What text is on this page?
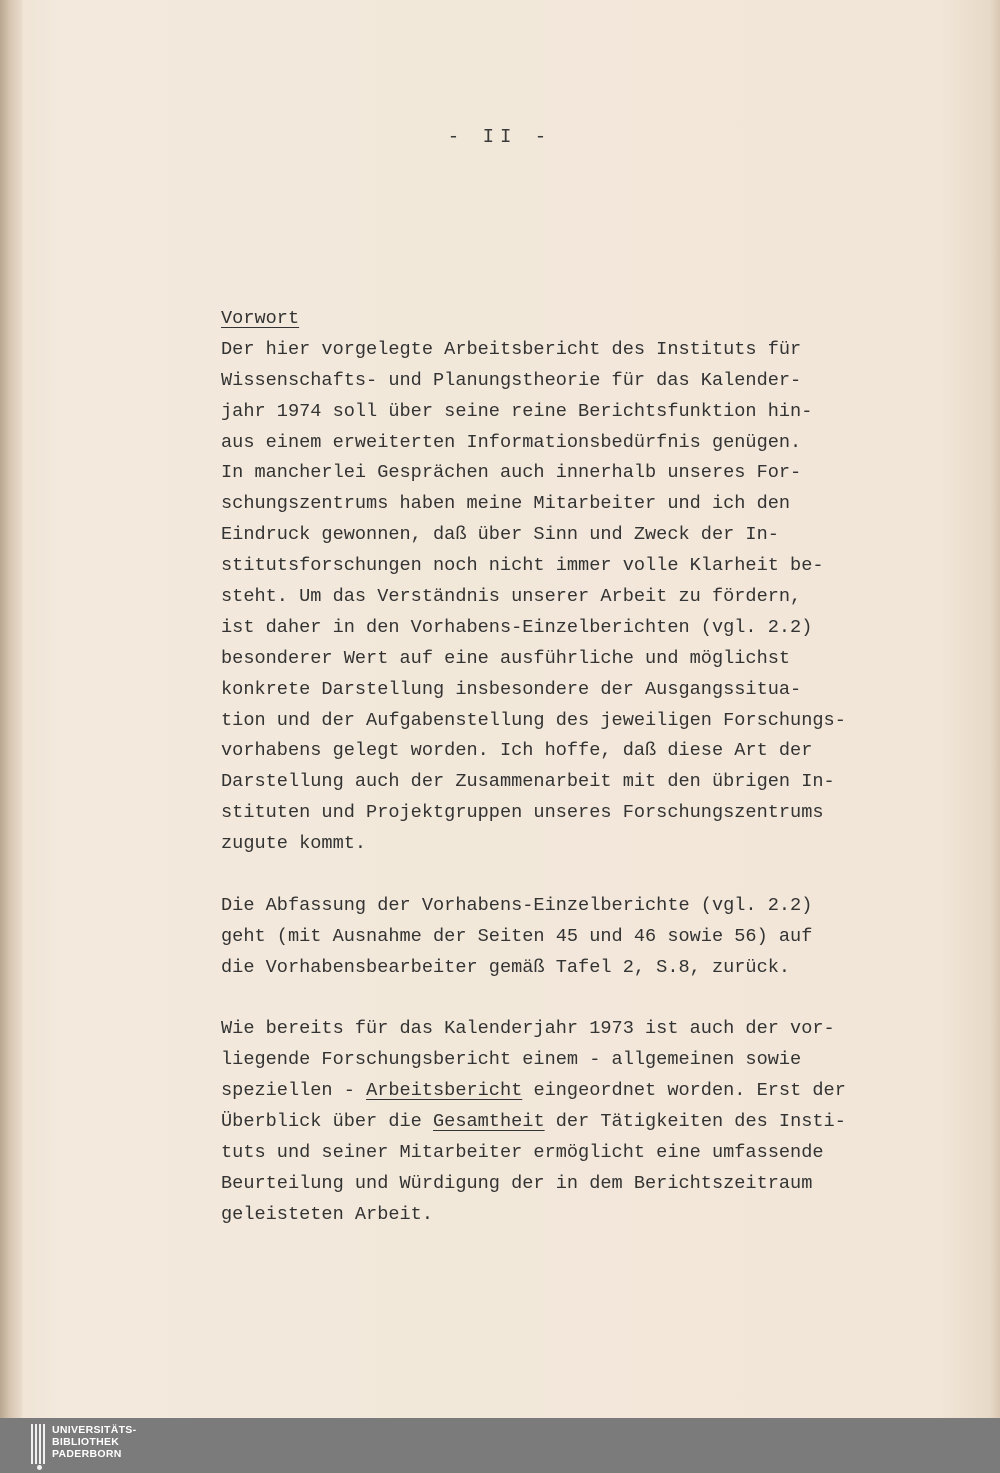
- II -
Vorwort
Der hier vorgelegte Arbeitsbericht des Instituts für
Wissenschafts- und Planungstheorie für das Kalender-
jahr 1974 soll über seine reine Berichtsfunktion hin-
aus einem erweiterten Informationsbedürfnis genügen.
In mancherlei Gesprächen auch innerhalb unseres For-
schungszentrums haben meine Mitarbeiter und ich den
Eindruck gewonnen, daß über Sinn und Zweck der In-
stitutsforschungen noch nicht immer volle Klarheit be-
steht. Um das Verständnis unserer Arbeit zu fördern,
ist daher in den Vorhabens-Einzelberichten (vgl. 2.2)
besonderer Wert auf eine ausführliche und möglichst
konkrete Darstellung insbesondere der Ausgangssitua-
tion und der Aufgabenstellung des jeweiligen Forschungs-
vorhabens gelegt worden. Ich hoffe, daß diese Art der
Darstellung auch der Zusammenarbeit mit den übrigen In-
stituten und Projektgruppen unseres Forschungszentrums
zugute kommt.
Die Abfassung der Vorhabens-Einzelberichte (vgl. 2.2)
geht (mit Ausnahme der Seiten 45 und 46 sowie 56) auf
die Vorhabensbearbeiter gemäß Tafel 2, S.8, zurück.
Wie bereits für das Kalenderjahr 1973 ist auch der vor-
liegende Forschungsbericht einem - allgemeinen sowie
speziellen - Arbeitsbericht eingeordnet worden. Erst der
Überblick über die Gesamtheit der Tätigkeiten des Insti-
tuts und seiner Mitarbeiter ermöglicht eine umfassende
Beurteilung und Würdigung der in dem Berichtszeitraum
geleisteten Arbeit.
UNIVERSITÄTS-
BIBLIOTHEK
PADERBORN
